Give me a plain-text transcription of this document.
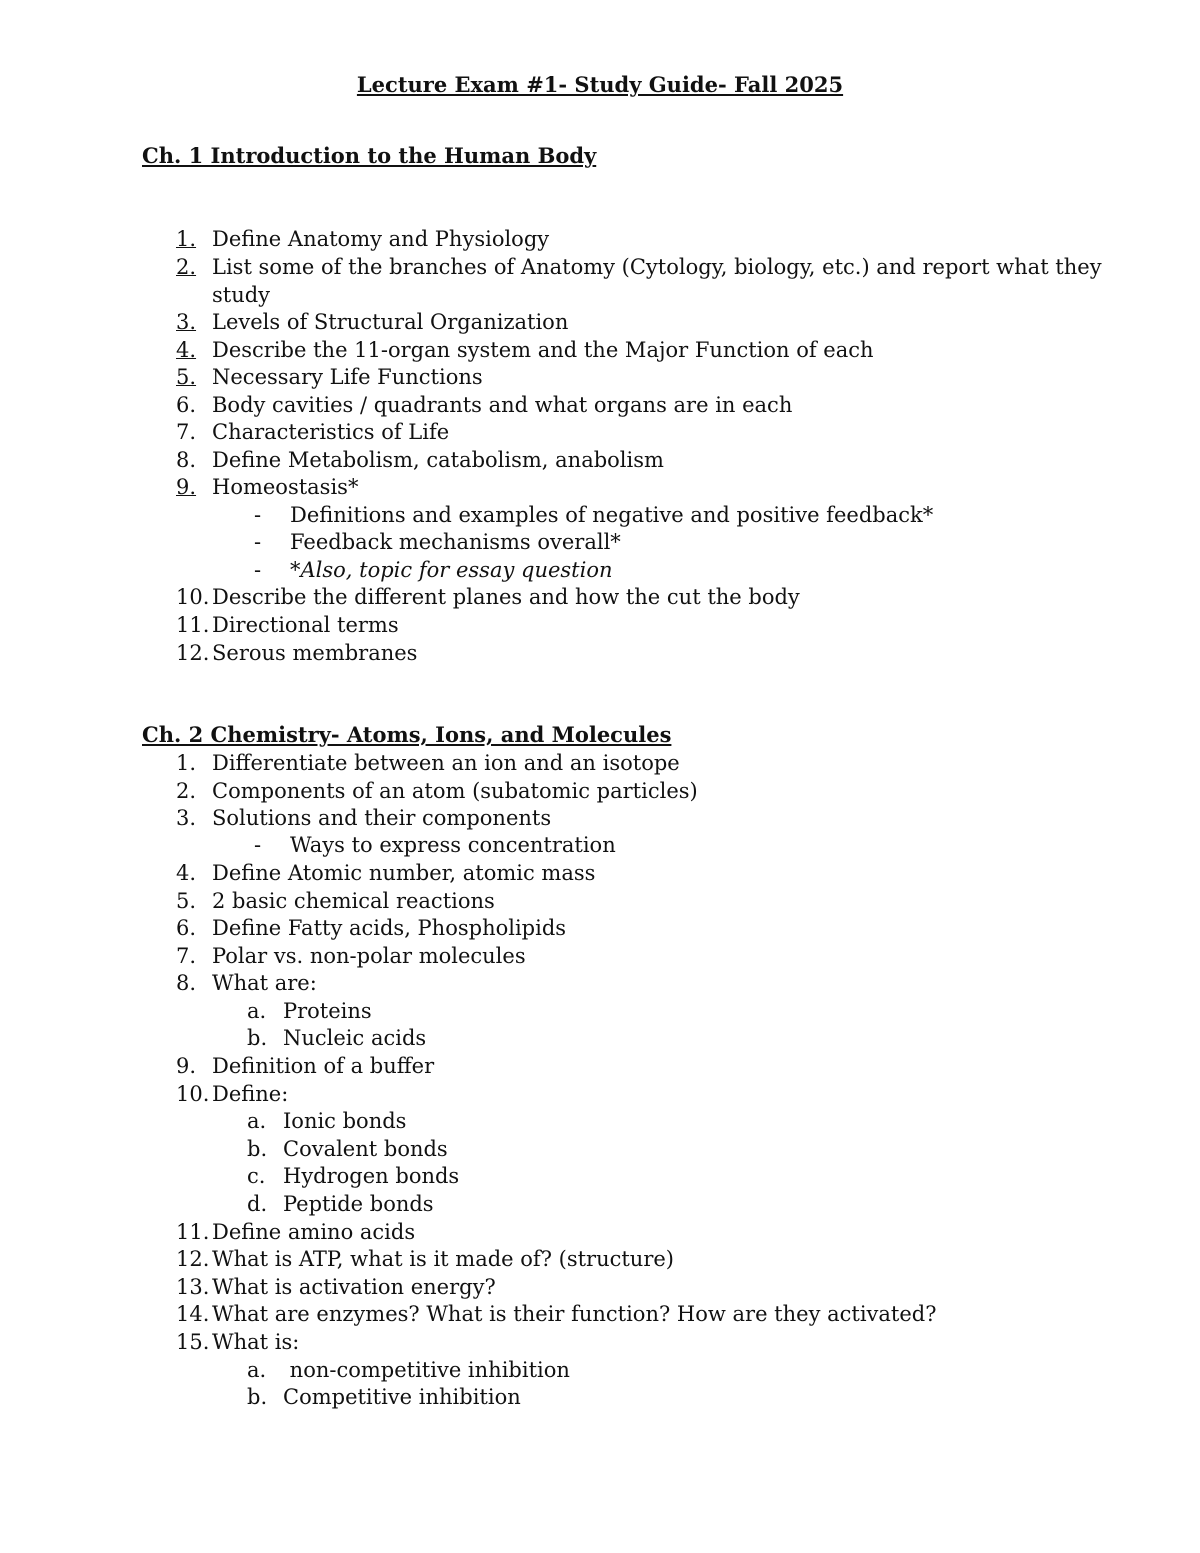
Lecture Exam #1- Study Guide- Fall 2025
Ch. 1 Introduction to the Human Body
1. Define Anatomy and Physiology
2. List some of the branches of Anatomy (Cytology, biology, etc.) and report what they
study
3. Levels of Structural Organization
4. Describe the 11-organ system and the Major Function of each
5. Necessary Life Functions
6. Body cavities / quadrants and what organs are in each
7. Characteristics of Life
8. Define Metabolism, catabolism, anabolism
9. Homeostasis*
- Definitions and examples of negative and positive feedback*
- Feedback mechanisms overall*
- *Also, topic for essay question
10. Describe the different planes and how the cut the body
11. Directional terms
12. Serous membranes
Ch. 2 Chemistry- Atoms, Ions, and Molecules
1. Differentiate between an ion and an isotope
2. Components of an atom (subatomic particles)
3. Solutions and their components
- Ways to express concentration
4. Define Atomic number, atomic mass
5. 2 basic chemical reactions
6. Define Fatty acids, Phospholipids
7. Polar vs. non-polar molecules
8. What are:
a. Proteins
b. Nucleic acids
9. Definition of a buffer
10. Define:
a. Ionic bonds
b. Covalent bonds
c. Hydrogen bonds
d. Peptide bonds
11. Define amino acids
12. What is ATP, what is it made of? (structure)
13. What is activation energy?
14. What are enzymes? What is their function? How are they activated?
15. What is:
a. non-competitive inhibition
b. Competitive inhibition
